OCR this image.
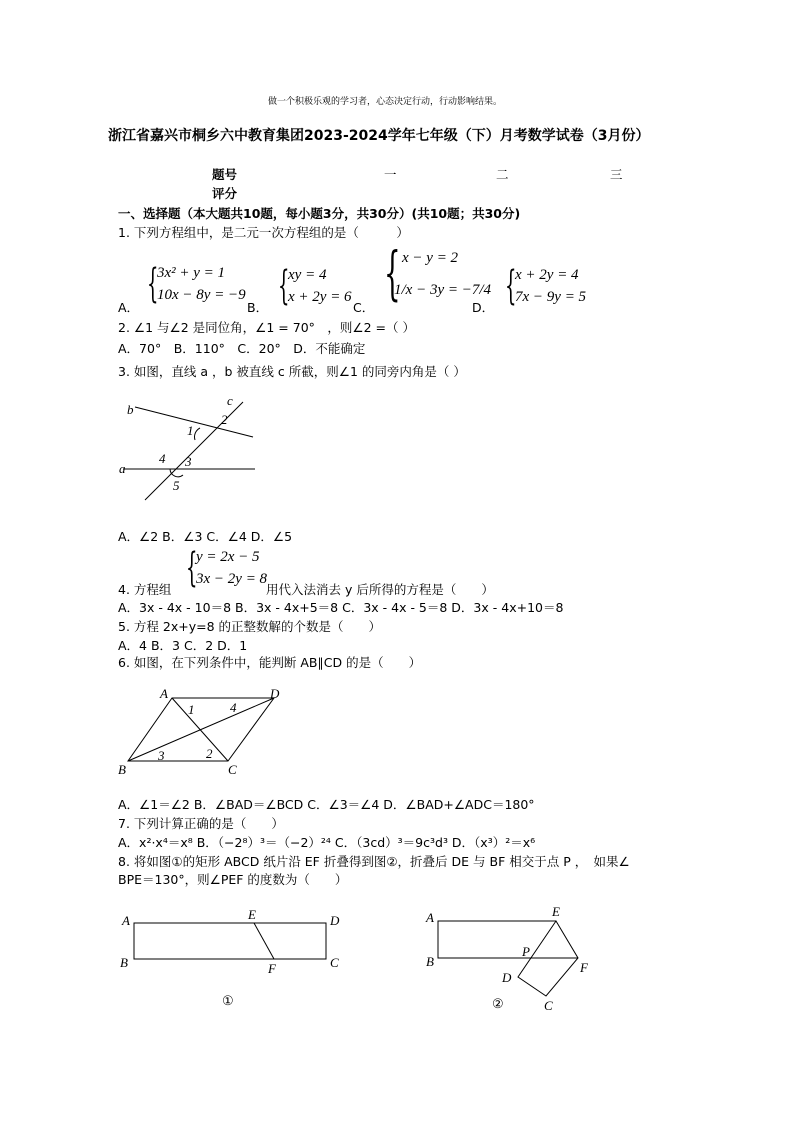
做一个积极乐观的学习者，心态决定行动，行动影响结果。
浙江省嘉兴市桐乡六中教育集团2023-2024学年七年级（下）月考数学试卷（3月份）
题号	一	二	三
评分
一、选择题（本大题共10题，每小题3分，共30分）(共10题；共30分)
1. 下列方程组中，是二元一次方程组的是（　　　）
A．
{
3x² + y = 1
10x − 8y = −9
B． {
xy = 4
x + 2y = 6
C．
{ x − y = 2
1/x − 3y = −7/4
D． {
x + 2y = 4
7x − 9y = 5
2. ∠1 与∠2 是同位角，∠1 = 70°　，则∠2 =（ ）
A．70°　B．110°　C．20°　D．不能确定
3. 如图，直线 a ，b 被直线 c 所截，则∠1 的同旁内角是（ ）
b
a
c
1
2
3
4
5
A．∠2 B．∠3 C．∠4 D．∠5
{
y = 2x − 5
3x − 2y = 8
4. 方程组	用代入法消去 y 后所得的方程是（　　）
A．3x - 4x - 10＝8 B．3x - 4x+5＝8 C．3x - 4x - 5＝8 D．3x - 4x+10＝8
5. 方程 2x+y=8 的正整数解的个数是（　　）
A．4 B．3 C．2 D．1
6. 如图，在下列条件中，能判断 AB∥CD 的是（　　）
A
B	C
D
1
2
3
4
A．∠1＝∠2 B．∠BAD＝∠BCD C．∠3＝∠4 D．∠BAD+∠ADC＝180°
7. 下列计算正确的是（　　）
A．x²·x⁴＝x⁸ B．（−2⁸）³＝（−2）²⁴ C．（3cd）³＝9c³d³ D．（x³）²＝x⁶
8. 将如图①的矩形 ABCD 纸片沿 EF 折叠得到图②，折叠后 DE 与 BF 相交于点 P ，　如果∠
BPE＝130°，则∠PEF 的度数为（　　）
A
B	C
D
E
F
①
A
B
C
D
E
F
P
②
